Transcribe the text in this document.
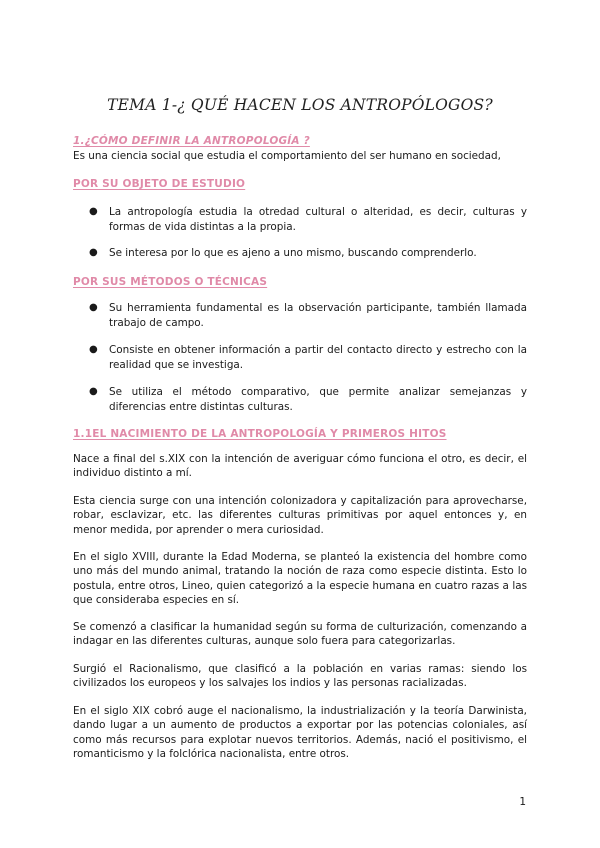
TEMA 1-¿ QUÉ HACEN LOS ANTROPÓLOGOS?
1.¿CÓMO DEFINIR LA ANTROPOLOGÍA ?
Es una ciencia social que estudia el comportamiento del ser humano en sociedad,
POR SU OBJETO DE ESTUDIO
● La antropología estudia la otredad cultural o alteridad, es decir, culturas y formas de vida distintas a la propia.
● Se interesa por lo que es ajeno a uno mismo, buscando comprenderlo.
POR SUS MÉTODOS O TÉCNICAS
● Su herramienta fundamental es la observación participante, también llamada trabajo de campo.
● Consiste en obtener información a partir del contacto directo y estrecho con la realidad que se investiga.
● Se utiliza el método comparativo, que permite analizar semejanzas y diferencias entre distintas culturas.
1.1EL NACIMIENTO DE LA ANTROPOLOGÍA Y PRIMEROS HITOS
Nace a final del s.XIX con la intención de averiguar cómo funciona el otro, es decir, el individuo distinto a mí.
Esta ciencia surge con una intención colonizadora y capitalización para aprovecharse, robar, esclavizar, etc. las diferentes culturas primitivas por aquel entonces y, en menor medida, por aprender o mera curiosidad.
En el siglo XVIII, durante la Edad Moderna, se planteó la existencia del hombre como uno más del mundo animal, tratando la noción de raza como especie distinta. Esto lo postula, entre otros, Lineo, quien categorizó a la especie humana en cuatro razas a las que consideraba especies en sí.
Se comenzó a clasificar la humanidad según su forma de culturización, comenzando a indagar en las diferentes culturas, aunque solo fuera para categorizarlas.
Surgió el Racionalismo, que clasificó a la población en varias ramas: siendo los civilizados los europeos y los salvajes los indios y las personas racializadas.
En el siglo XIX cobró auge el nacionalismo, la industrialización y la teoría Darwinista, dando lugar a un aumento de productos a exportar por las potencias coloniales, así como más recursos para explotar nuevos territorios. Además, nació el positivismo, el romanticismo y la folclórica nacionalista, entre otros.
1
